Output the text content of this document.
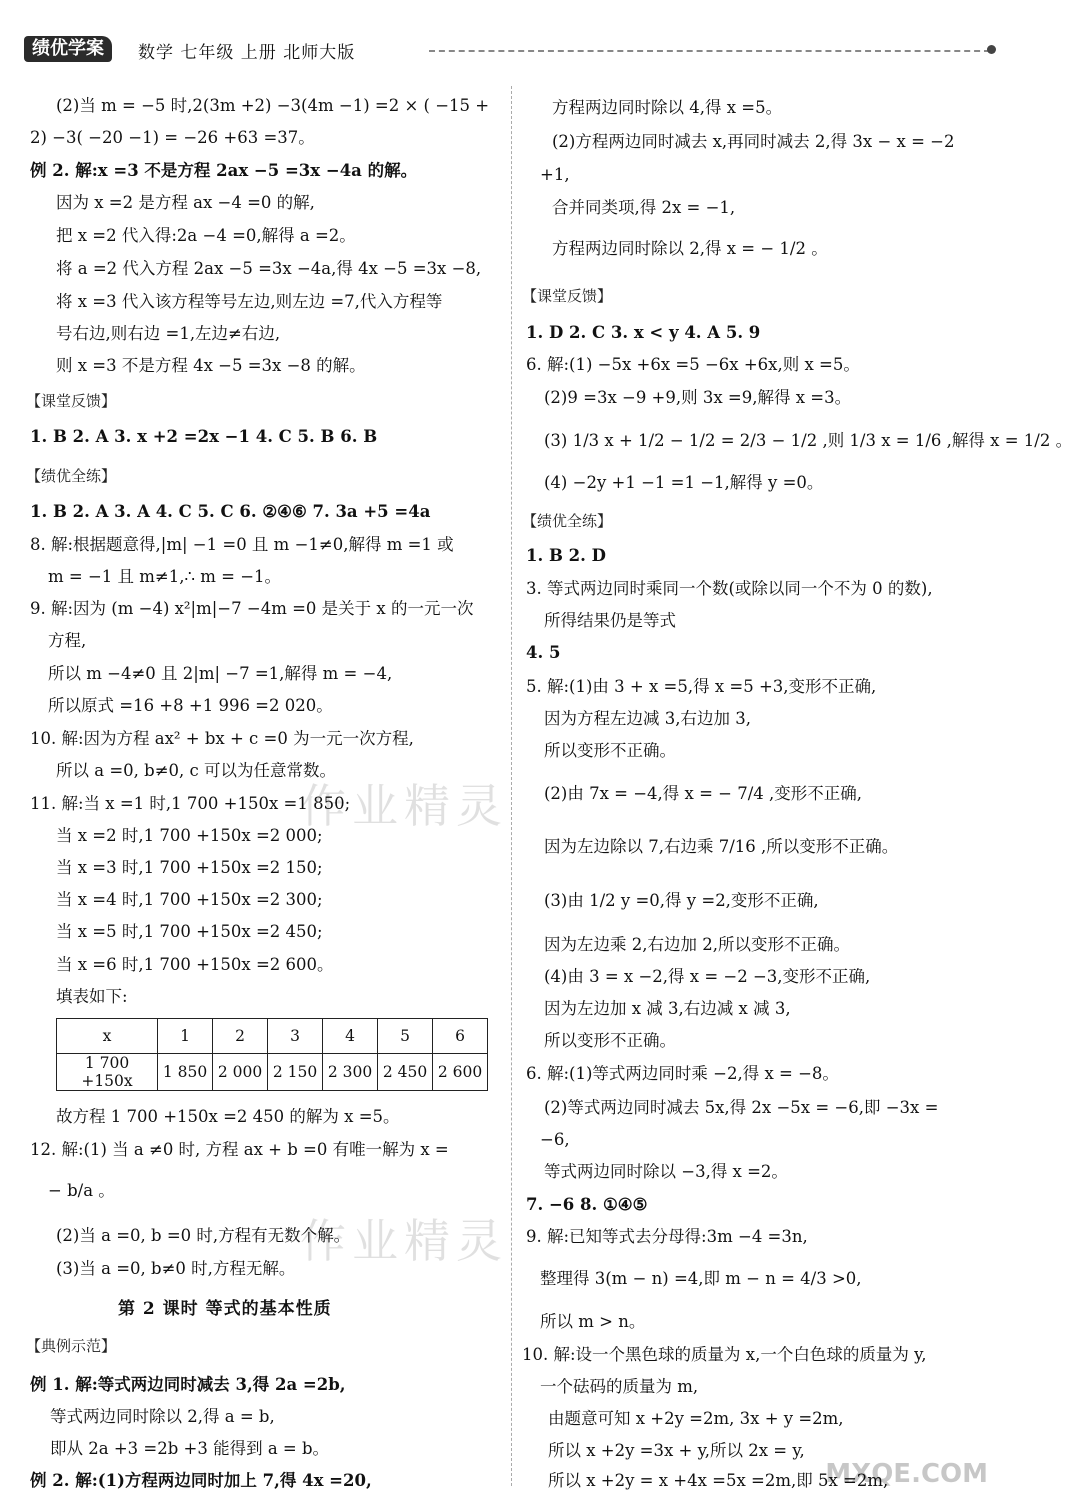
绩优学案	数学 七年级 上册 北师大版
(2)当 m = −5 时,2(3m +2) −3(4m −1) =2 × ( −15 +
2) −3( −20 −1) = −26 +63 =37。
例 2. 解:x =3 不是方程 2ax −5 =3x −4a 的解。
因为 x =2 是方程 ax −4 =0 的解,
把 x =2 代入得:2a −4 =0,解得 a =2。
将 a =2 代入方程 2ax −5 =3x −4a,得 4x −5 =3x −8,
将 x =3 代入该方程等号左边,则左边 =7,代入方程等
号右边,则右边 =1,左边≠右边,
则 x =3 不是方程 4x −5 =3x −8 的解。
1. B 2. A 3. x +2 =2x −1 4. C 5. B 6. B
1. B 2. A 3. A 4. C 5. C 6. ②④⑥ 7. 3a +5 =4a
8. 解:根据题意得,|m| −1 =0 且 m −1≠0,解得 m =1 或
m = −1 且 m≠1,∴ m = −1。
9. 解:因为 (m −4) x²|m|−7 −4m =0 是关于 x 的一元一次
方程,
所以 m −4≠0 且 2|m| −7 =1,解得 m = −4,
所以原式 =16 +8 +1 996 =2 020。
10. 解:因为方程 ax² + bx + c =0 为一元一次方程,
所以 a =0, b≠0, c 可以为任意常数。
11. 解:当 x =1 时,1 700 +150x =1 850;
当 x =2 时,1 700 +150x =2 000;
当 x =3 时,1 700 +150x =2 150;
当 x =4 时,1 700 +150x =2 300;
当 x =5 时,1 700 +150x =2 450;
当 x =6 时,1 700 +150x =2 600。
填表如下:
故方程 1 700 +150x =2 450 的解为 x =5。
12. 解:(1) 当 a ≠0 时, 方程 ax + b =0 有唯一解为 x =
− b/a 。
(2)当 a =0, b =0 时,方程有无数个解。
(3)当 a =0, b≠0 时,方程无解。
例 1. 解:等式两边同时减去 3,得 2a =2b,
等式两边同时除以 2,得 a = b,
即从 2a +3 =2b +3 能得到 a = b。
例 2. 解:(1)方程两边同时加上 7,得 4x =20,
【课堂反馈】
【绩优全练】
【典例示范】
方程两边同时除以 4,得 x =5。
(2)方程两边同时减去 x,再同时减去 2,得 3x − x = −2
+1,
合并同类项,得 2x = −1,
方程两边同时除以 2,得 x = − 1/2 。
1. D 2. C 3. x < y 4. A 5. 9
6. 解:(1) −5x +6x =5 −6x +6x,则 x =5。
(2)9 =3x −9 +9,则 3x =9,解得 x =3。
(3) 1/3 x + 1/2 − 1/2 = 2/3 − 1/2 ,则 1/3 x = 1/6 ,解得 x = 1/2 。
(4) −2y +1 −1 =1 −1,解得 y =0。
1. B 2. D
3. 等式两边同时乘同一个数(或除以同一个不为 0 的数),
所得结果仍是等式
4. 5
5. 解:(1)由 3 + x =5,得 x =5 +3,变形不正确,
因为方程左边减 3,右边加 3,
所以变形不正确。
(2)由 7x = −4,得 x = − 7/4 ,变形不正确,
因为左边除以 7,右边乘 7/16 ,所以变形不正确。
(3)由 1/2 y =0,得 y =2,变形不正确,
因为左边乘 2,右边加 2,所以变形不正确。
(4)由 3 = x −2,得 x = −2 −3,变形不正确,
因为左边加 x 减 3,右边减 x 减 3,
所以变形不正确。
6. 解:(1)等式两边同时乘 −2,得 x = −8。
(2)等式两边同时减去 5x,得 2x −5x = −6,即 −3x =
−6,
等式两边同时除以 −3,得 x =2。
7. −6 8. ①④⑤
9. 解:已知等式去分母得:3m −4 =3n,
整理得 3(m − n) =4,即 m − n = 4/3 >0,
所以 m > n。
10. 解:设一个黑色球的质量为 x,一个白色球的质量为 y,
一个砝码的质量为 m,
由题意可知 x +2y =2m, 3x + y =2m,
所以 x +2y =3x + y,所以 2x = y,
所以 x +2y = x +4x =5x =2m,即 5x =2m,
【课堂反馈】
【绩优全练】
第 2 课时 等式的基本性质
x	1	2	3	4	5	6
1 700 +150x	1 850	2 000	2 150	2 300	2 450	2 600
作业精灵
作业精灵
MXQE.COM
